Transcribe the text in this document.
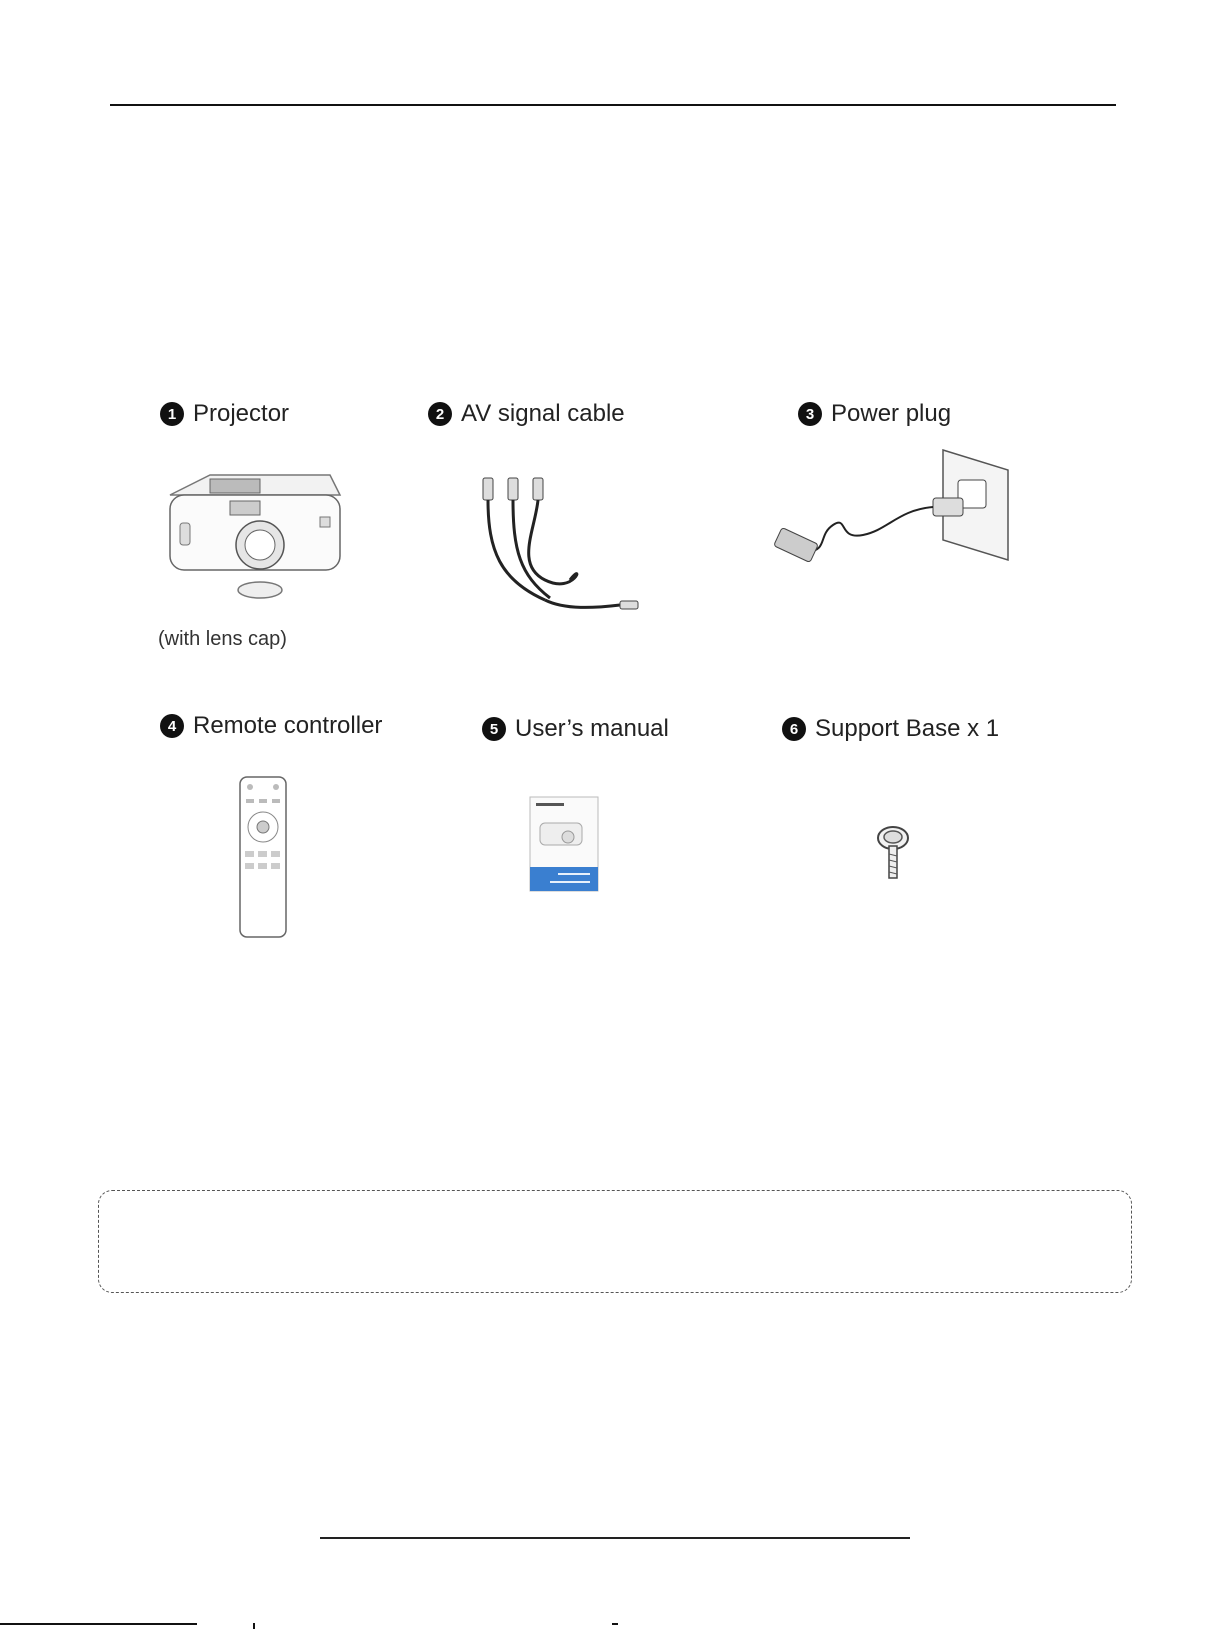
1 Projector
(with lens cap)
2 AV signal cable	3 Power plug
4 Remote controller	5 User’s manual	6 Support Base x 1
